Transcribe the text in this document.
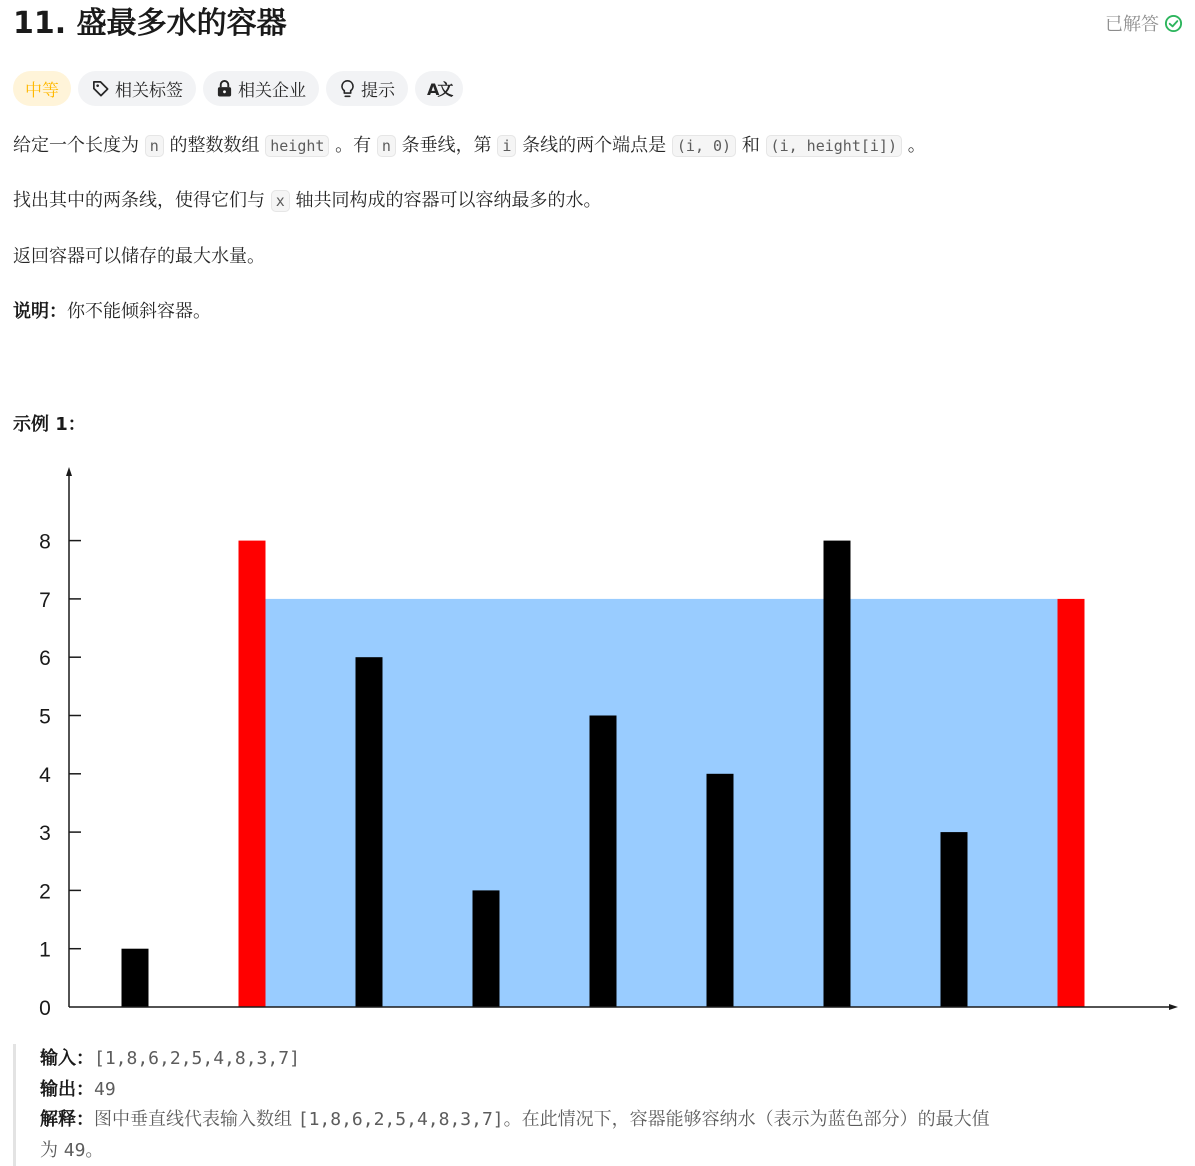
11. 盛最多水的容器	已解答
中等	相关标签	相关企业	提示 A文

给定一个长度为 n 的整数数组 height 。有 n 条垂线，第 i 条线的两个端点是 (i, 0) 和 (i, height[i]) 。

找出其中的两条线，使得它们与 x 轴共同构成的容器可以容纳最多的水。

返回容器可以储存的最大水量。

说明：你不能倾斜容器。

示例 1：

0
1
2
3
4
5
6
7
8
输入：[1,8,6,2,5,4,8,3,7]
输出：49
解释：图中垂直线代表输入数组 [1,8,6,2,5,4,8,3,7]。在此情况下，容器能够容纳水（表示为蓝色部分）的最大值
为 49。
